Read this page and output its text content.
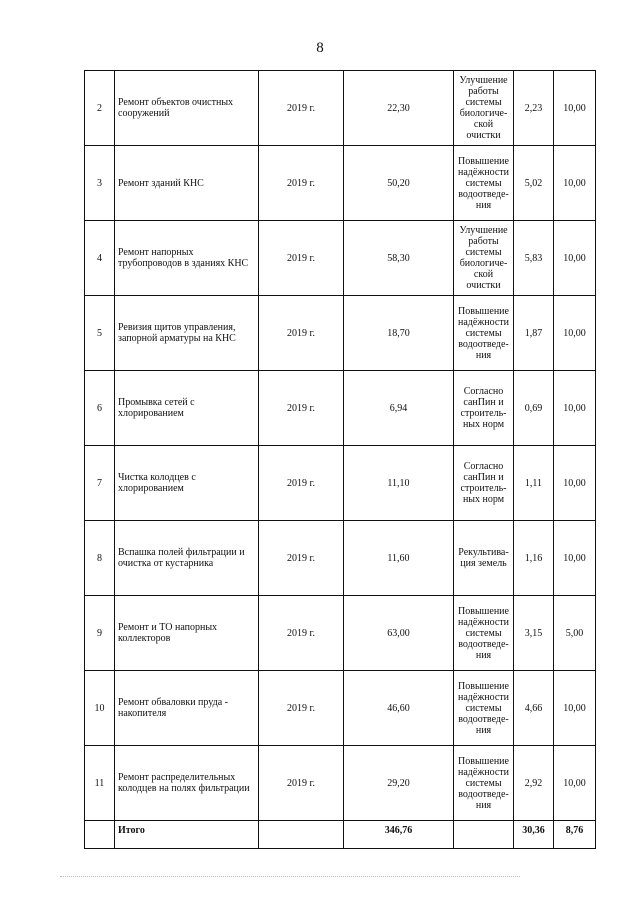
8
2	Ремонт объектов очистных сооружений	2019 г.	22,30	Улучшение работы системы биологиче-ской очистки	2,23	10,00
3	Ремонт зданий КНС	2019 г.	50,20	Повышение надёжности системы водоотведе-ния	5,02	10,00
4	Ремонт напорных трубопроводов в зданиях КНС	2019 г.	58,30	Улучшение работы системы биологиче-ской очистки	5,83	10,00
5	Ревизия щитов управления, запорной арматуры на КНС	2019 г.	18,70	Повышение надёжности системы водоотведе-ния	1,87	10,00
6	Промывка сетей с хлорированием	2019 г.	6,94	Согласно санПин и строитель-ных норм	0,69	10,00
7	Чистка колодцев с хлорированием	2019 г.	11,10	Согласно санПин и строитель-ных норм	1,11	10,00
8	Вспашка полей фильтрации и очистка от кустарника	2019 г.	11,60	Рекультива-ция земель	1,16	10,00
9	Ремонт и ТО напорных коллекторов	2019 г.	63,00	Повышение надёжности системы водоотведе-ния	3,15	5,00
10	Ремонт обваловки пруда - накопителя	2019 г.	46,60	Повышение надёжности системы водоотведе-ния	4,66	10,00
11	Ремонт распределительных колодцев на полях фильтрации	2019 г.	29,20	Повышение надёжности системы водоотведе-ния	2,92	10,00
	Итого		346,76		30,36	8,76
